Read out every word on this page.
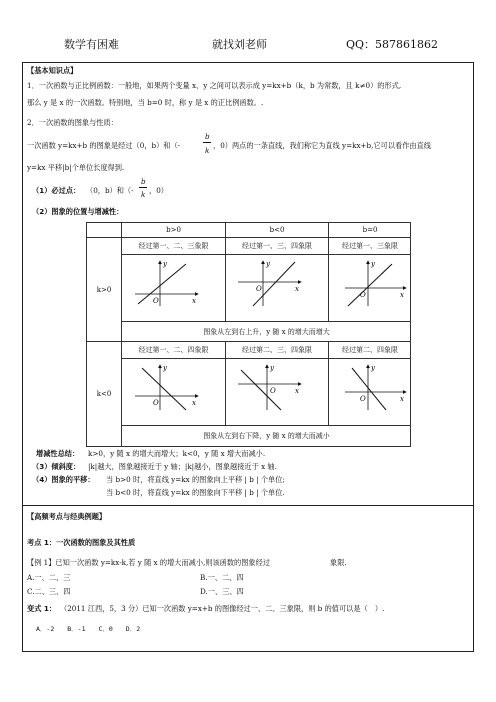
数学有困难	就找刘老师	QQ：587861862
【基本知识点】
1．一次函数与正比例函数：一般地，如果两个变量 x、y 之间可以表示成 y=kx+b（k，b 为常数，且 k≠0）的形式,
那么 y 是 x 的一次函数。特别地，当 b=0 时，称 y 是 x 的正比例函数。.
2．一次函数的图象与性质：
一次函数 y=kx+b 的图象是经过（0，b）和（-
b
k
，0）两点的一条直线，我们称它为直线 y=kx+b,它可以看作由直线
y=kx 平移|b|个单位长度得到.
（1）必过点： （0，b）和（-
b
k ，0）
（2）图象的位置与增减性：
b>0	b<0	b=0
k>0
经过第一、二、三象限	经过第一、三、四象限	经过第一、三象限
图象从左到右上升，y 随 x 的增大而增大
k<0
经过第一、二、四象限	经过第二、三、四象限	经过第二、四象限
图象从左到右下降，y 随 x 的增大而减小
y
x
O
y
x
O
y
x
O
y
x
O
y
x
O
y
x
O
增减性总结： k>0，y 随 x 的增大而增大；k<0，y 随 x 增大而减小.
（3）倾斜度： |k|越大，图象越接近于 y 轴；|k|越小，图象越接近于 x 轴.
（4）图象的平移： 当 b>0 时，将直线 y=kx 的图象向上平移 | b | 个单位;
当 b<0 时，将直线 y=kx 的图象向下平移 | b | 个单位.
【高频考点与经典例题】
考点 1：一次函数的图象及其性质
【例 1】已知一次函数 y=kx-k,若 y 随 x 的增大而减小,则该函数的图象经过	象限.
A.一、二、三	B.一、二、四
C.二、三、四	D.一、三、四
变式 1： （2011 江西，5，3 分）已知一次函数 y=x+b 的图像经过一、二、三象限，则 b 的值可以是（　）.
A．-2　　B．-1　　C．0　　D．2
